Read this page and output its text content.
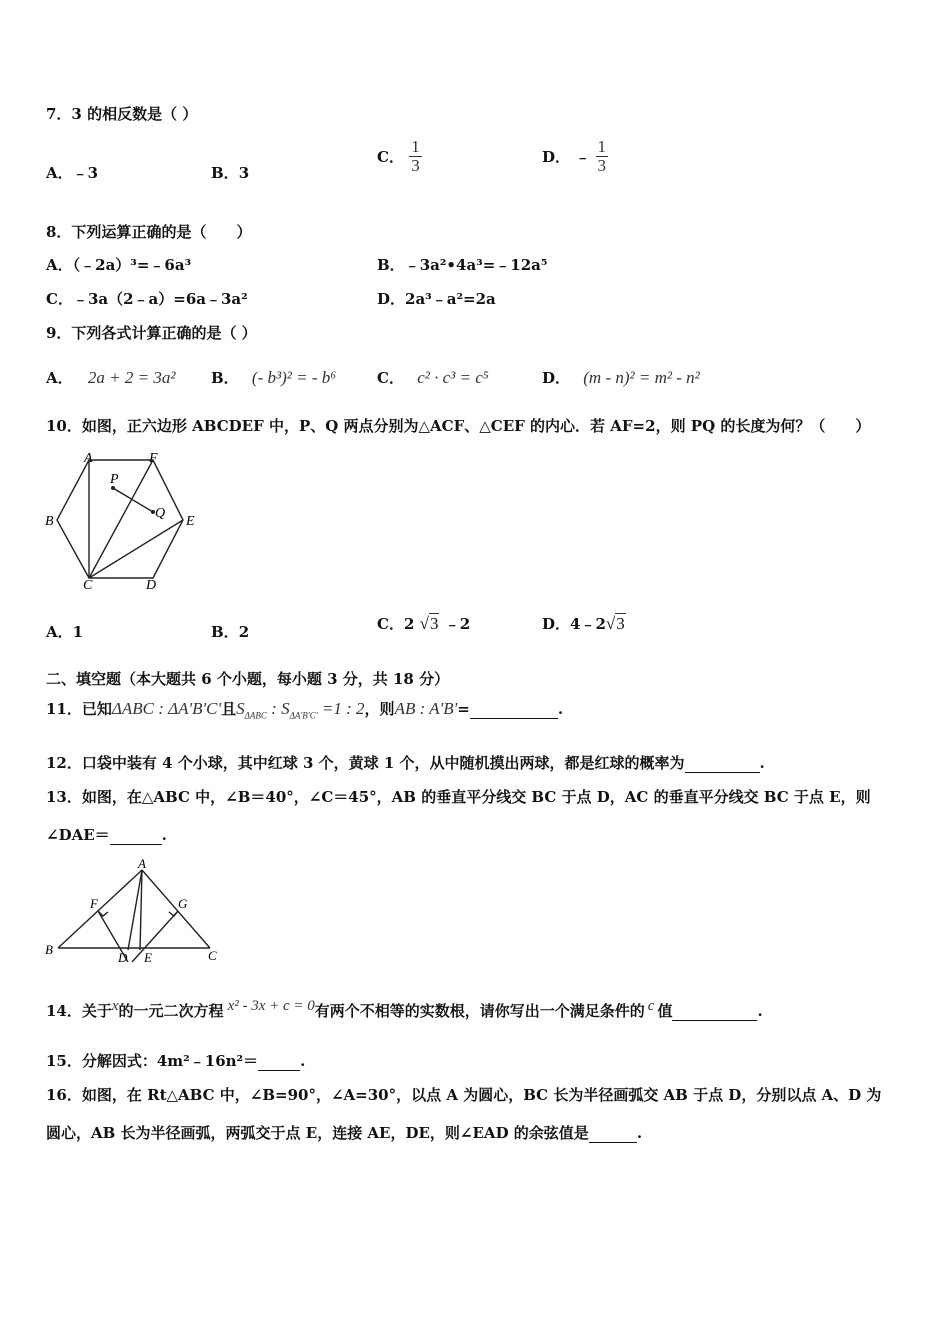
7．3 的相反数是（ ）
A．﹣3	B．3
C． $\frac{1}{3}$	D． ﹣ $\frac{1}{3}$
8．下列运算正确的是（　　）
A．（﹣2a）³=﹣6a³	B．﹣3a²•4a³=﹣12a⁵
C．﹣3a（2﹣a）=6a﹣3a²	D．2a³﹣a²=2a
9．下列各式计算正确的是（ ）
A． 2a + 2 = 3a² B． (- b³)² = - b⁶	C． c² · c³ = c⁵	D． (m - n)² = m² - n²
10．如图，正六边形 ABCDEF 中，P、Q 两点分别为△ACF、△CEF 的内心．若 AF=2，则 PQ 的长度为何？（　　）
A	F
P
Q
B	E
C	D
A．1	B．2	C．2 √3 ﹣2	D．4﹣2√3
二、填空题（本大题共 6 个小题，每小题 3 分，共 18 分）
11．已知ΔABC : ΔA'B'C'且$S_{\Delta ABC}$ : $S_{\Delta A'B'C'} =1$ : 2，则AB : A'B'=	.
12．口袋中装有 4 个小球，其中红球 3 个，黄球 1 个，从中随机摸出两球，都是红球的概率为	.
13．如图，在△ABC 中，∠B＝40°，∠C＝45°，AB 的垂直平分线交 BC 于点 D，AC 的垂直平分线交 BC 于点 E，则
∠DAE＝	.
A
F	G
B
D E	C
14．关于x的一元二次方程 x² - 3x + c = 0有两个不相等的实数根，请你写出一个满足条件的 c 值	.
15．分解因式：4m²﹣16n²＝	.
16．如图，在 Rt△ABC 中，∠B=90°，∠A=30°，以点 A 为圆心，BC 长为半径画弧交 AB 于点 D，分别以点 A、D 为
圆心，AB 长为半径画弧，两弧交于点 E，连接 AE，DE，则∠EAD 的余弦值是	.
